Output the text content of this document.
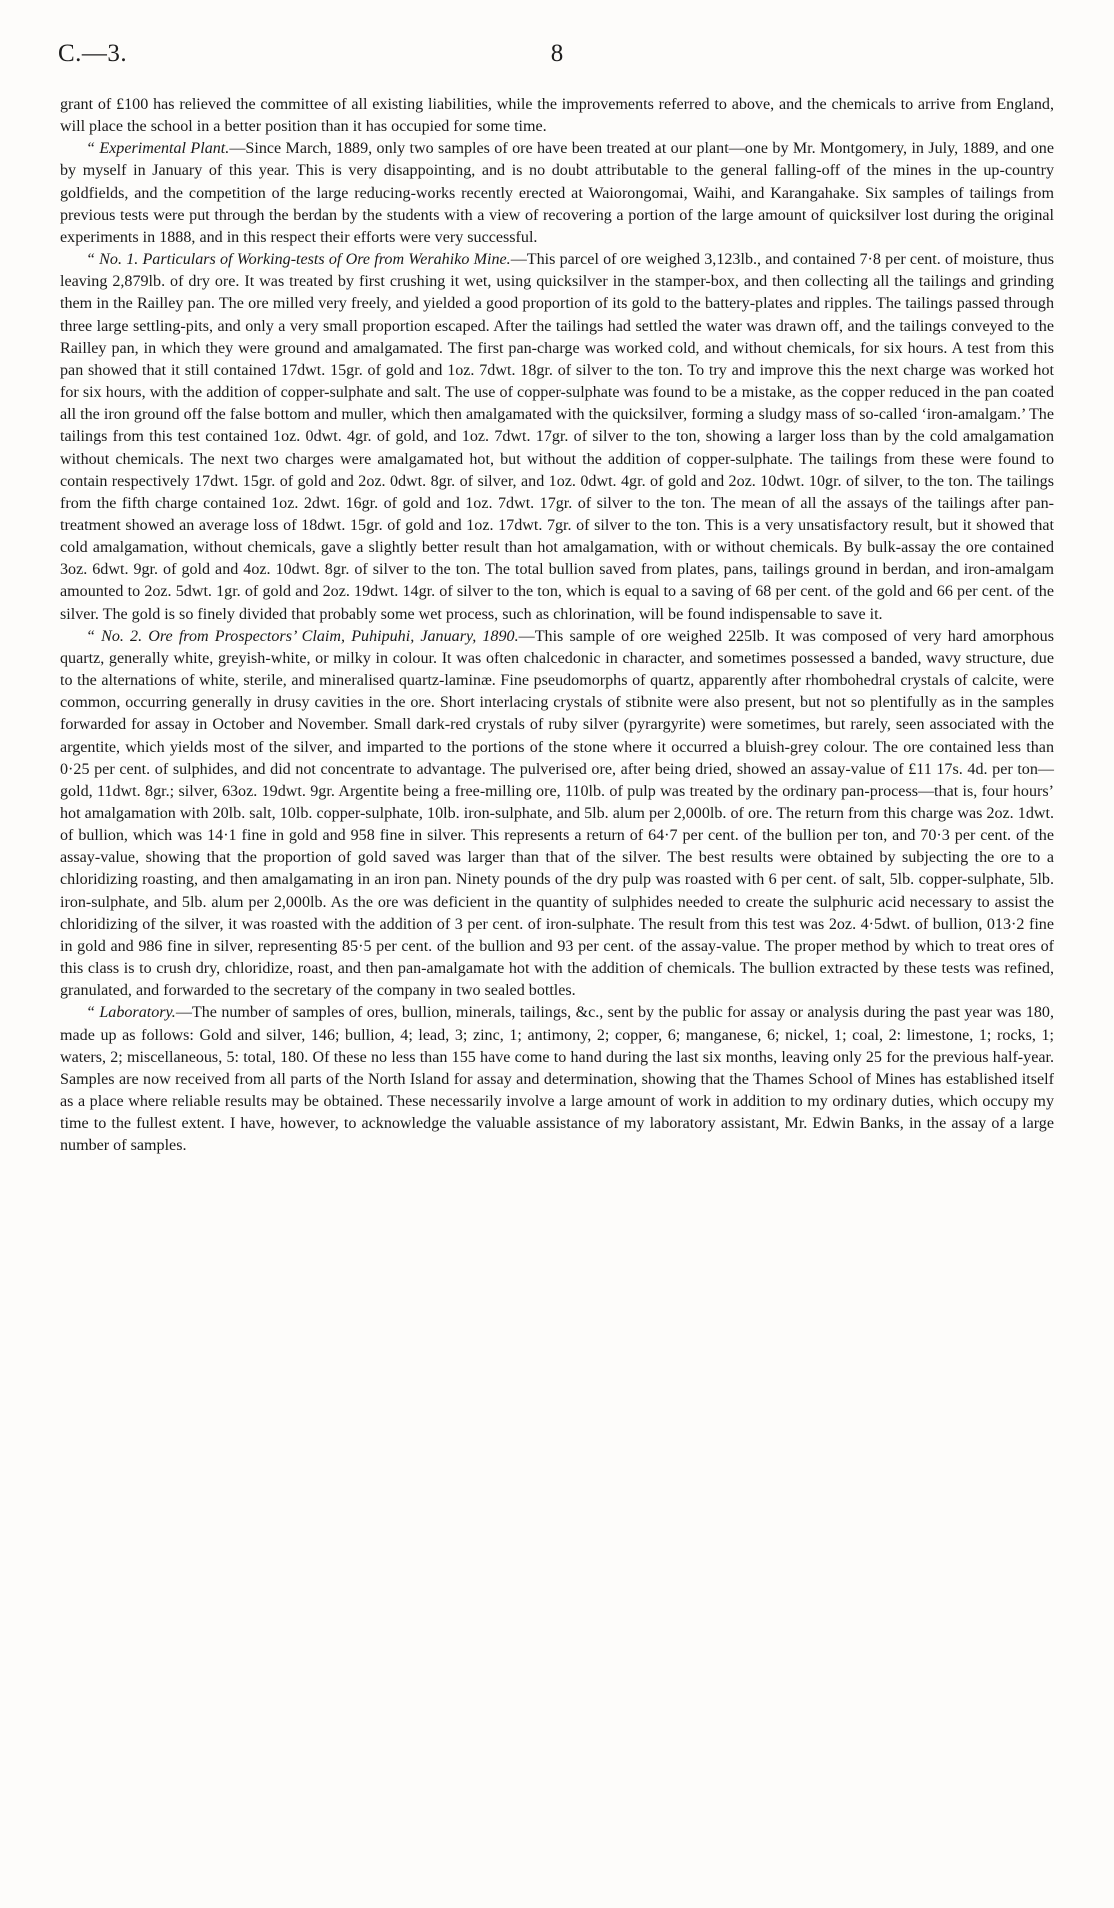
C.—3.	8

grant of £100 has relieved the committee of all existing liabilities, while the improvements referred to above, and the chemicals to arrive from England, will place the school in a better position than it has occupied for some time.

“ Experimental Plant.—Since March, 1889, only two samples of ore have been treated at our plant—one by Mr. Montgomery, in July, 1889, and one by myself in January of this year. This is very disappointing, and is no doubt attributable to the general falling-off of the mines in the up-country goldfields, and the competition of the large reducing-works recently erected at Waiorongomai, Waihi, and Karangahake. Six samples of tailings from previous tests were put through the berdan by the students with a view of recovering a portion of the large amount of quicksilver lost during the original experiments in 1888, and in this respect their efforts were very successful.

“ No. 1. Particulars of Working-tests of Ore from Werahiko Mine.—This parcel of ore weighed 3,123lb., and contained 7·8 per cent. of moisture, thus leaving 2,879lb. of dry ore. It was treated by first crushing it wet, using quicksilver in the stamper-box, and then collecting all the tailings and grinding them in the Railley pan. The ore milled very freely, and yielded a good proportion of its gold to the battery-plates and ripples. The tailings passed through three large settling-pits, and only a very small proportion escaped. After the tailings had settled the water was drawn off, and the tailings conveyed to the Railley pan, in which they were ground and amalgamated. The first pan-charge was worked cold, and without chemicals, for six hours. A test from this pan showed that it still contained 17dwt. 15gr. of gold and 1oz. 7dwt. 18gr. of silver to the ton. To try and improve this the next charge was worked hot for six hours, with the addition of copper-sulphate and salt. The use of copper-sulphate was found to be a mistake, as the copper reduced in the pan coated all the iron ground off the false bottom and muller, which then amalgamated with the quicksilver, forming a sludgy mass of so-called ‘iron-amalgam.’ The tailings from this test contained 1oz. 0dwt. 4gr. of gold, and 1oz. 7dwt. 17gr. of silver to the ton, showing a larger loss than by the cold amalgamation without chemicals. The next two charges were amalgamated hot, but without the addition of copper-sulphate. The tailings from these were found to contain respectively 17dwt. 15gr. of gold and 2oz. 0dwt. 8gr. of silver, and 1oz. 0dwt. 4gr. of gold and 2oz. 10dwt. 10gr. of silver, to the ton. The tailings from the fifth charge contained 1oz. 2dwt. 16gr. of gold and 1oz. 7dwt. 17gr. of silver to the ton. The mean of all the assays of the tailings after pan-treatment showed an average loss of 18dwt. 15gr. of gold and 1oz. 17dwt. 7gr. of silver to the ton. This is a very unsatisfactory result, but it showed that cold amalgamation, without chemicals, gave a slightly better result than hot amalgamation, with or without chemicals. By bulk-assay the ore contained 3oz. 6dwt. 9gr. of gold and 4oz. 10dwt. 8gr. of silver to the ton. The total bullion saved from plates, pans, tailings ground in berdan, and iron-amalgam amounted to 2oz. 5dwt. 1gr. of gold and 2oz. 19dwt. 14gr. of silver to the ton, which is equal to a saving of 68 per cent. of the gold and 66 per cent. of the silver. The gold is so finely divided that probably some wet process, such as chlorination, will be found indispensable to save it.

“ No. 2. Ore from Prospectors’ Claim, Puhipuhi, January, 1890.—This sample of ore weighed 225lb. It was composed of very hard amorphous quartz, generally white, greyish-white, or milky in colour. It was often chalcedonic in character, and sometimes possessed a banded, wavy structure, due to the alternations of white, sterile, and mineralised quartz-laminæ. Fine pseudomorphs of quartz, apparently after rhombohedral crystals of calcite, were common, occurring generally in drusy cavities in the ore. Short interlacing crystals of stibnite were also present, but not so plentifully as in the samples forwarded for assay in October and November. Small dark-red crystals of ruby silver (pyrargyrite) were sometimes, but rarely, seen associated with the argentite, which yields most of the silver, and imparted to the portions of the stone where it occurred a bluish-grey colour. The ore contained less than 0·25 per cent. of sulphides, and did not concentrate to advantage. The pulverised ore, after being dried, showed an assay-value of £11 17s. 4d. per ton—gold, 11dwt. 8gr.; silver, 63oz. 19dwt. 9gr. Argentite being a free-milling ore, 110lb. of pulp was treated by the ordinary pan-process—that is, four hours’ hot amalgamation with 20lb. salt, 10lb. copper-sulphate, 10lb. iron-sulphate, and 5lb. alum per 2,000lb. of ore. The return from this charge was 2oz. 1dwt. of bullion, which was 14·1 fine in gold and 958 fine in silver. This represents a return of 64·7 per cent. of the bullion per ton, and 70·3 per cent. of the assay-value, showing that the proportion of gold saved was larger than that of the silver. The best results were obtained by subjecting the ore to a chloridizing roasting, and then amalgamating in an iron pan. Ninety pounds of the dry pulp was roasted with 6 per cent. of salt, 5lb. copper-sulphate, 5lb. iron-sulphate, and 5lb. alum per 2,000lb. As the ore was deficient in the quantity of sulphides needed to create the sulphuric acid necessary to assist the chloridizing of the silver, it was roasted with the addition of 3 per cent. of iron-sulphate. The result from this test was 2oz. 4·5dwt. of bullion, 013·2 fine in gold and 986 fine in silver, representing 85·5 per cent. of the bullion and 93 per cent. of the assay-value. The proper method by which to treat ores of this class is to crush dry, chloridize, roast, and then pan-amalgamate hot with the addition of chemicals. The bullion extracted by these tests was refined, granulated, and forwarded to the secretary of the company in two sealed bottles.

“ Laboratory.—The number of samples of ores, bullion, minerals, tailings, &c., sent by the public for assay or analysis during the past year was 180, made up as follows: Gold and silver, 146; bullion, 4; lead, 3; zinc, 1; antimony, 2; copper, 6; manganese, 6; nickel, 1; coal, 2: limestone, 1; rocks, 1; waters, 2; miscellaneous, 5: total, 180. Of these no less than 155 have come to hand during the last six months, leaving only 25 for the previous half-year. Samples are now received from all parts of the North Island for assay and determination, showing that the Thames School of Mines has established itself as a place where reliable results may be obtained. These necessarily involve a large amount of work in addition to my ordinary duties, which occupy my time to the fullest extent. I have, however, to acknowledge the valuable assistance of my laboratory assistant, Mr. Edwin Banks, in the assay of a large number of samples.
